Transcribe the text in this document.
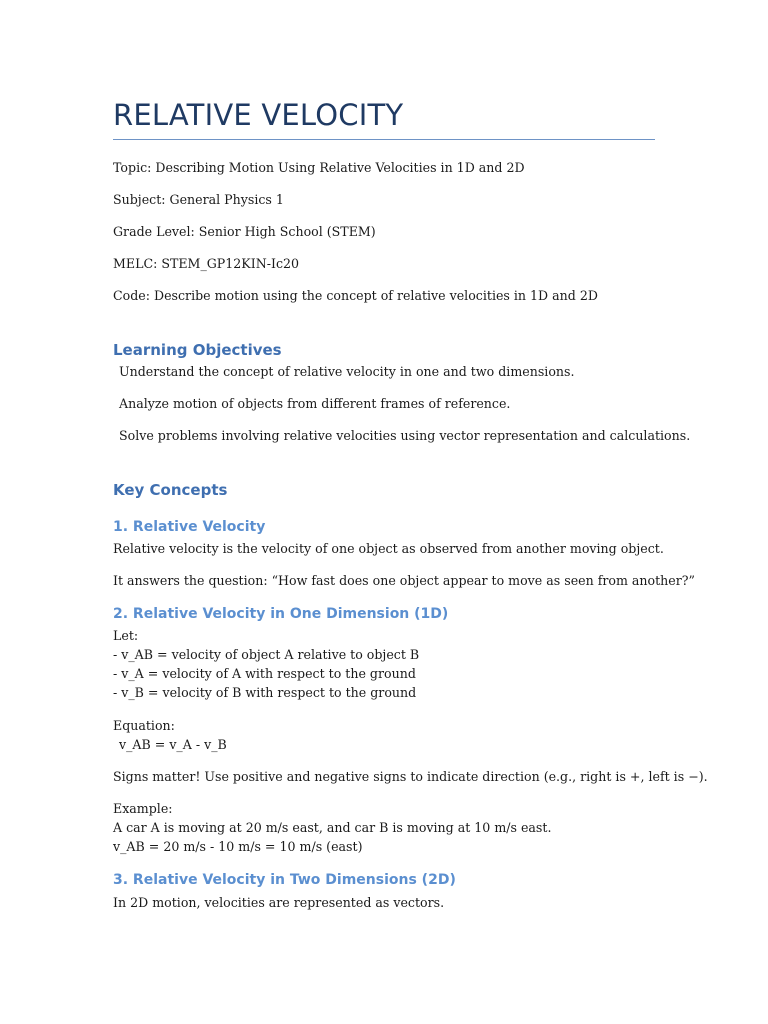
RELATIVE VELOCITY

Topic: Describing Motion Using Relative Velocities in 1D and 2D

Subject: General Physics 1

Grade Level: Senior High School (STEM)

MELC: STEM_GP12KIN-Ic20

Code: Describe motion using the concept of relative velocities in 1D and 2D

Learning Objectives

Understand the concept of relative velocity in one and two dimensions.

Analyze motion of objects from different frames of reference.

Solve problems involving relative velocities using vector representation and calculations.

Key Concepts
1. Relative Velocity

Relative velocity is the velocity of one object as observed from another moving object.

It answers the question: “How fast does one object appear to move as seen from another?”

2. Relative Velocity in One Dimension (1D)

Let:

- v_AB = velocity of object A relative to object B

- v_A = velocity of A with respect to the ground

- v_B = velocity of B with respect to the ground

Equation:

v_AB = v_A - v_B

Signs matter! Use positive and negative signs to indicate direction (e.g., right is +, left is −).

Example:

A car A is moving at 20 m/s east, and car B is moving at 10 m/s east.

v_AB = 20 m/s - 10 m/s = 10 m/s (east)

3. Relative Velocity in Two Dimensions (2D)

In 2D motion, velocities are represented as vectors.
